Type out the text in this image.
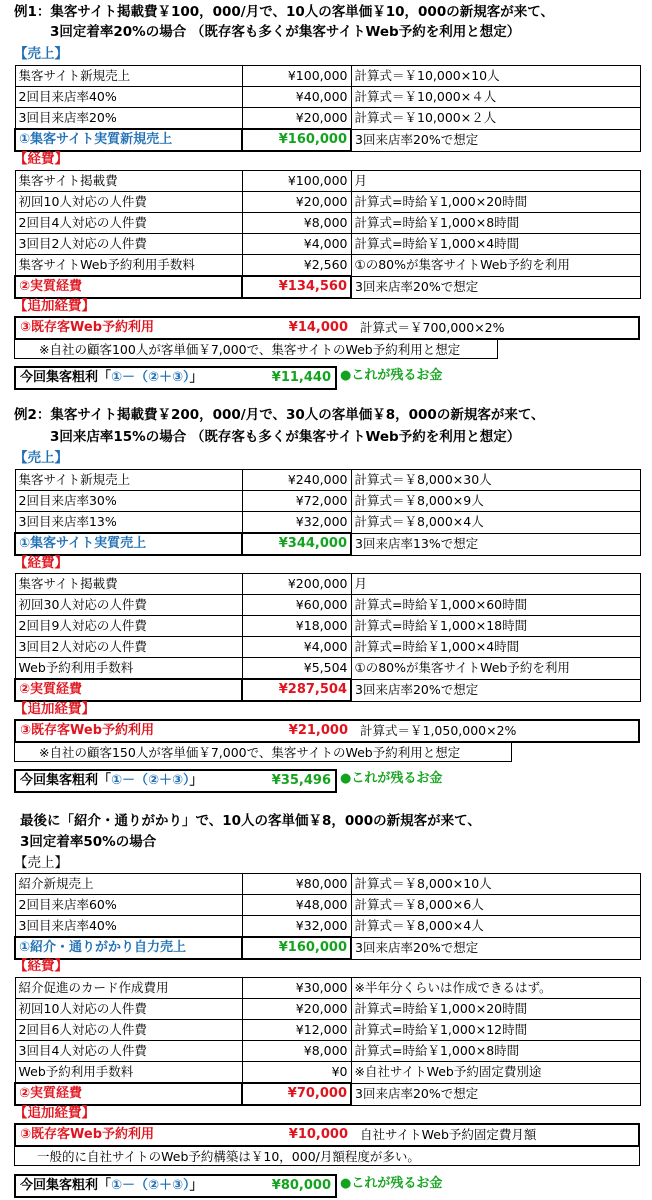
例1：集客サイト掲載費￥100，000/月で、10人の客単価￥10，000の新規客が来て、
3回定着率20%の場合 （既存客も多くが集客サイトWeb予約を利用と想定）
【売上】
集客サイト新規売上	¥100,000	計算式＝￥10,000×10人
2回目来店率40%	¥40,000	計算式＝￥10,000×４人
3回目来店率20%	¥20,000	計算式＝￥10,000×２人
①集客サイト実質新規売上	¥160,000	3回来店率20%で想定
【経費】
集客サイト掲載費	¥100,000	月
初回10人対応の人件費	¥20,000	計算式=時給￥1,000×20時間
2回目4人対応の人件費	¥8,000	計算式=時給￥1,000×8時間
3回目2人対応の人件費	¥4,000	計算式=時給￥1,000×4時間
集客サイトWeb予約利用手数料	¥2,560	①の80%が集客サイトWeb予約を利用
②実質経費	¥134,560	3回来店率20%で想定
【追加経費】
③既存客Web予約利用	¥14,000 計算式＝￥700,000×2%
※自社の顧客100人が客単価￥7,000で、集客サイトのWeb予約利用と想定
今回集客粗利「①－（②＋③）」	¥11,440 ●これが残るお金
例2：集客サイト掲載費￥200，000/月で、30人の客単価￥8，000の新規客が来て、
3回来店率15%の場合 （既存客も多くが集客サイトWeb予約を利用と想定）
【売上】
集客サイト新規売上	¥240,000	計算式＝￥8,000×30人
2回目来店率30%	¥72,000	計算式＝￥8,000×9人
3回目来店率13%	¥32,000	計算式＝￥8,000×4人
①集客サイト実質売上	¥344,000	3回来店率13%で想定
【経費】
集客サイト掲載費	¥200,000	月
初回30人対応の人件費	¥60,000	計算式=時給￥1,000×60時間
2回目9人対応の人件費	¥18,000	計算式=時給￥1,000×18時間
3回目2人対応の人件費	¥4,000	計算式=時給￥1,000×4時間
Web予約利用手数料	¥5,504	①の80%が集客サイトWeb予約を利用
②実質経費	¥287,504	3回来店率20%で想定
【追加経費】
③既存客Web予約利用	¥21,000 計算式＝￥1,050,000×2%
※自社の顧客150人が客単価￥7,000で、集客サイトのWeb予約利用と想定
今回集客粗利「①－（②＋③）」	¥35,496 ●これが残るお金
最後に「紹介・通りがかり」で、10人の客単価￥8，000の新規客が来て、
3回定着率50%の場合
【売上】
紹介新規売上	¥80,000	計算式＝￥8,000×10人
2回目来店率60%	¥48,000	計算式＝￥8,000×6人
3回目来店率40%	¥32,000	計算式＝￥8,000×4人
①紹介・通りがかり自力売上	¥160,000	3回来店率20%で想定
【経費】
紹介促進のカード作成費用	¥30,000	※半年分くらいは作成できるはず。
初回10人対応の人件費	¥20,000	計算式=時給￥1,000×20時間
2回目6人対応の人件費	¥12,000	計算式=時給￥1,000×12時間
3回目4人対応の人件費	¥8,000	計算式=時給￥1,000×8時間
Web予約利用手数料	¥0	※自社サイトWeb予約固定費別途
②実質経費	¥70,000	3回来店率20%で想定
【追加経費】
③既存客Web予約利用	¥10,000 自社サイトWeb予約固定費月額
一般的に自社サイトのWeb予約構築は￥10，000/月額程度が多い。
今回集客粗利「①－（②＋③）」	¥80,000 ●これが残るお金
